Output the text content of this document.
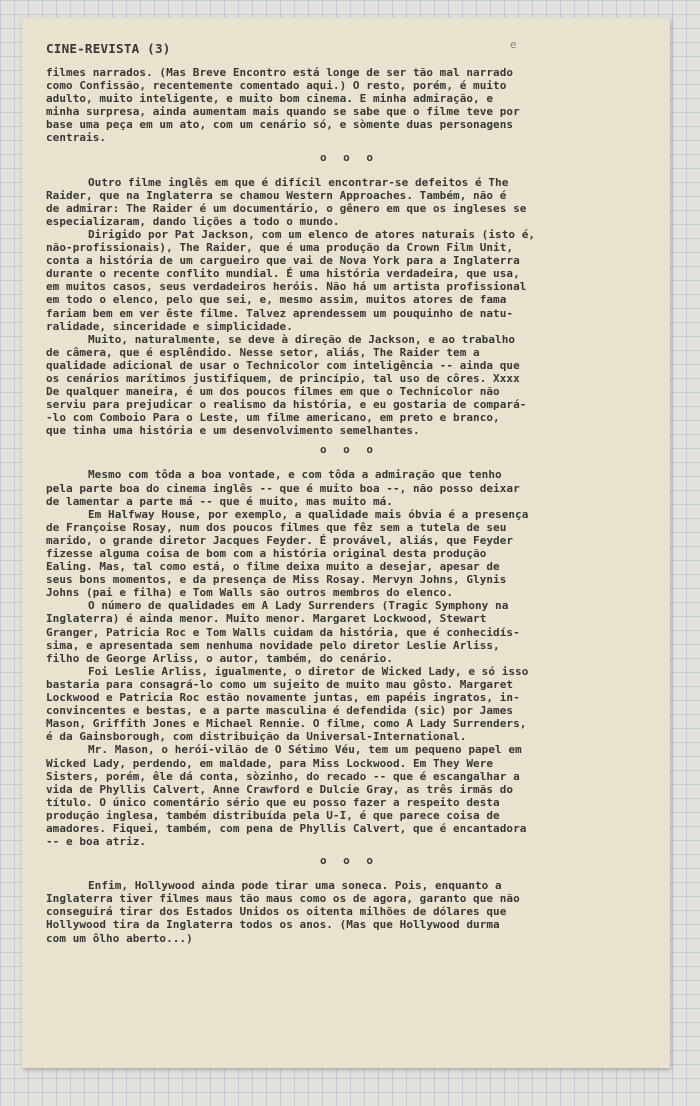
CINE-REVISTA (3)	e
filmes narrados. (Mas Breve Encontro está longe de ser tão mal narrado
como Confissão, recentemente comentado aqui.) O resto, porém, é muito
adulto, muito inteligente, e muito bom cinema. E minha admiração, e
minha surpresa, ainda aumentam mais quando se sabe que o filme teve por
base uma peça em um ato, com um cenário só, e sòmente duas personagens
centrais.
o o o
Outro filme inglês em que é difícil encontrar-se defeitos é The
Raider, que na Inglaterra se chamou Western Approaches. Também, não é
de admirar: The Raider é um documentário, o gênero em que os ingleses se
especializaram, dando lições a todo o mundo.
Dirigido por Pat Jackson, com um elenco de atores naturais (isto é,
não-profissionais), The Raider, que é uma produção da Crown Film Unit,
conta a história de um cargueiro que vai de Nova York para a Inglaterra
durante o recente conflito mundial. É uma história verdadeira, que usa,
em muitos casos, seus verdadeiros heróis. Não há um artista profissional
em todo o elenco, pelo que sei, e, mesmo assim, muitos atores de fama
fariam bem em ver êste filme. Talvez aprendessem um pouquinho de natu-
ralidade, sinceridade e simplicidade.
Muito, naturalmente, se deve à direção de Jackson, e ao trabalho
de câmera, que é esplêndido. Nesse setor, aliás, The Raider tem a
qualidade adicional de usar o Technicolor com inteligência -- ainda que
os cenários marítimos justifiquem, de princípio, tal uso de côres. Xxxx
De qualquer maneira, é um dos poucos filmes em que o Technicolor não
serviu para prejudicar o realismo da história, e eu gostaria de compará-
-lo com Comboio Para o Leste, um filme americano, em preto e branco,
que tinha uma história e um desenvolvimento semelhantes.
o o o
Mesmo com tôda a boa vontade, e com tôda a admiração que tenho
pela parte boa do cinema inglês -- que é muito boa --, não posso deixar
de lamentar a parte má -- que é muito, mas muito má.
Em Halfway House, por exemplo, a qualidade mais óbvia é a presença
de Françoise Rosay, num dos poucos filmes que fêz sem a tutela de seu
marido, o grande diretor Jacques Feyder. É provável, aliás, que Feyder
fizesse alguma coisa de bom com a história original desta produção
Ealing. Mas, tal como está, o filme deixa muito a desejar, apesar de
seus bons momentos, e da presença de Miss Rosay. Mervyn Johns, Glynis
Johns (pai e filha) e Tom Walls são outros membros do elenco.
O número de qualidades em A Lady Surrenders (Tragic Symphony na
Inglaterra) é ainda menor. Muito menor. Margaret Lockwood, Stewart
Granger, Patricia Roc e Tom Walls cuidam da história, que é conhecidís-
sima, e apresentada sem nenhuma novidade pelo diretor Leslie Arliss,
filho de George Arliss, o autor, também, do cenário.
Foi Leslie Arliss, igualmente, o diretor de Wicked Lady, e só isso
bastaria para consagrá-lo como um sujeito de muito mau gôsto. Margaret
Lockwood e Patricia Roc estão novamente juntas, em papéis ingratos, in-
convincentes e bestas, e a parte masculina é defendida (sic) por James
Mason, Griffith Jones e Michael Rennie. O filme, como A Lady Surrenders,
é da Gainsborough, com distribuição da Universal-International.
Mr. Mason, o herói-vilão de O Sétimo Véu, tem um pequeno papel em
Wicked Lady, perdendo, em maldade, para Miss Lockwood. Em They Were
Sisters, porém, êle dá conta, sòzinho, do recado -- que é escangalhar a
vida de Phyllis Calvert, Anne Crawford e Dulcie Gray, as três irmãs do
título. O único comentário sério que eu posso fazer a respeito desta
produção inglesa, também distribuída pela U-I, é que parece coisa de
amadores. Fiquei, também, com pena de Phyllis Calvert, que é encantadora
-- e boa atriz.
o o o
Enfim, Hollywood ainda pode tirar uma soneca. Pois, enquanto a
Inglaterra tiver filmes maus tão maus como os de agora, garanto que não
conseguirá tirar dos Estados Unidos os oitenta milhões de dólares que
Hollywood tira da Inglaterra todos os anos. (Mas que Hollywood durma
com um ôlho aberto...)
